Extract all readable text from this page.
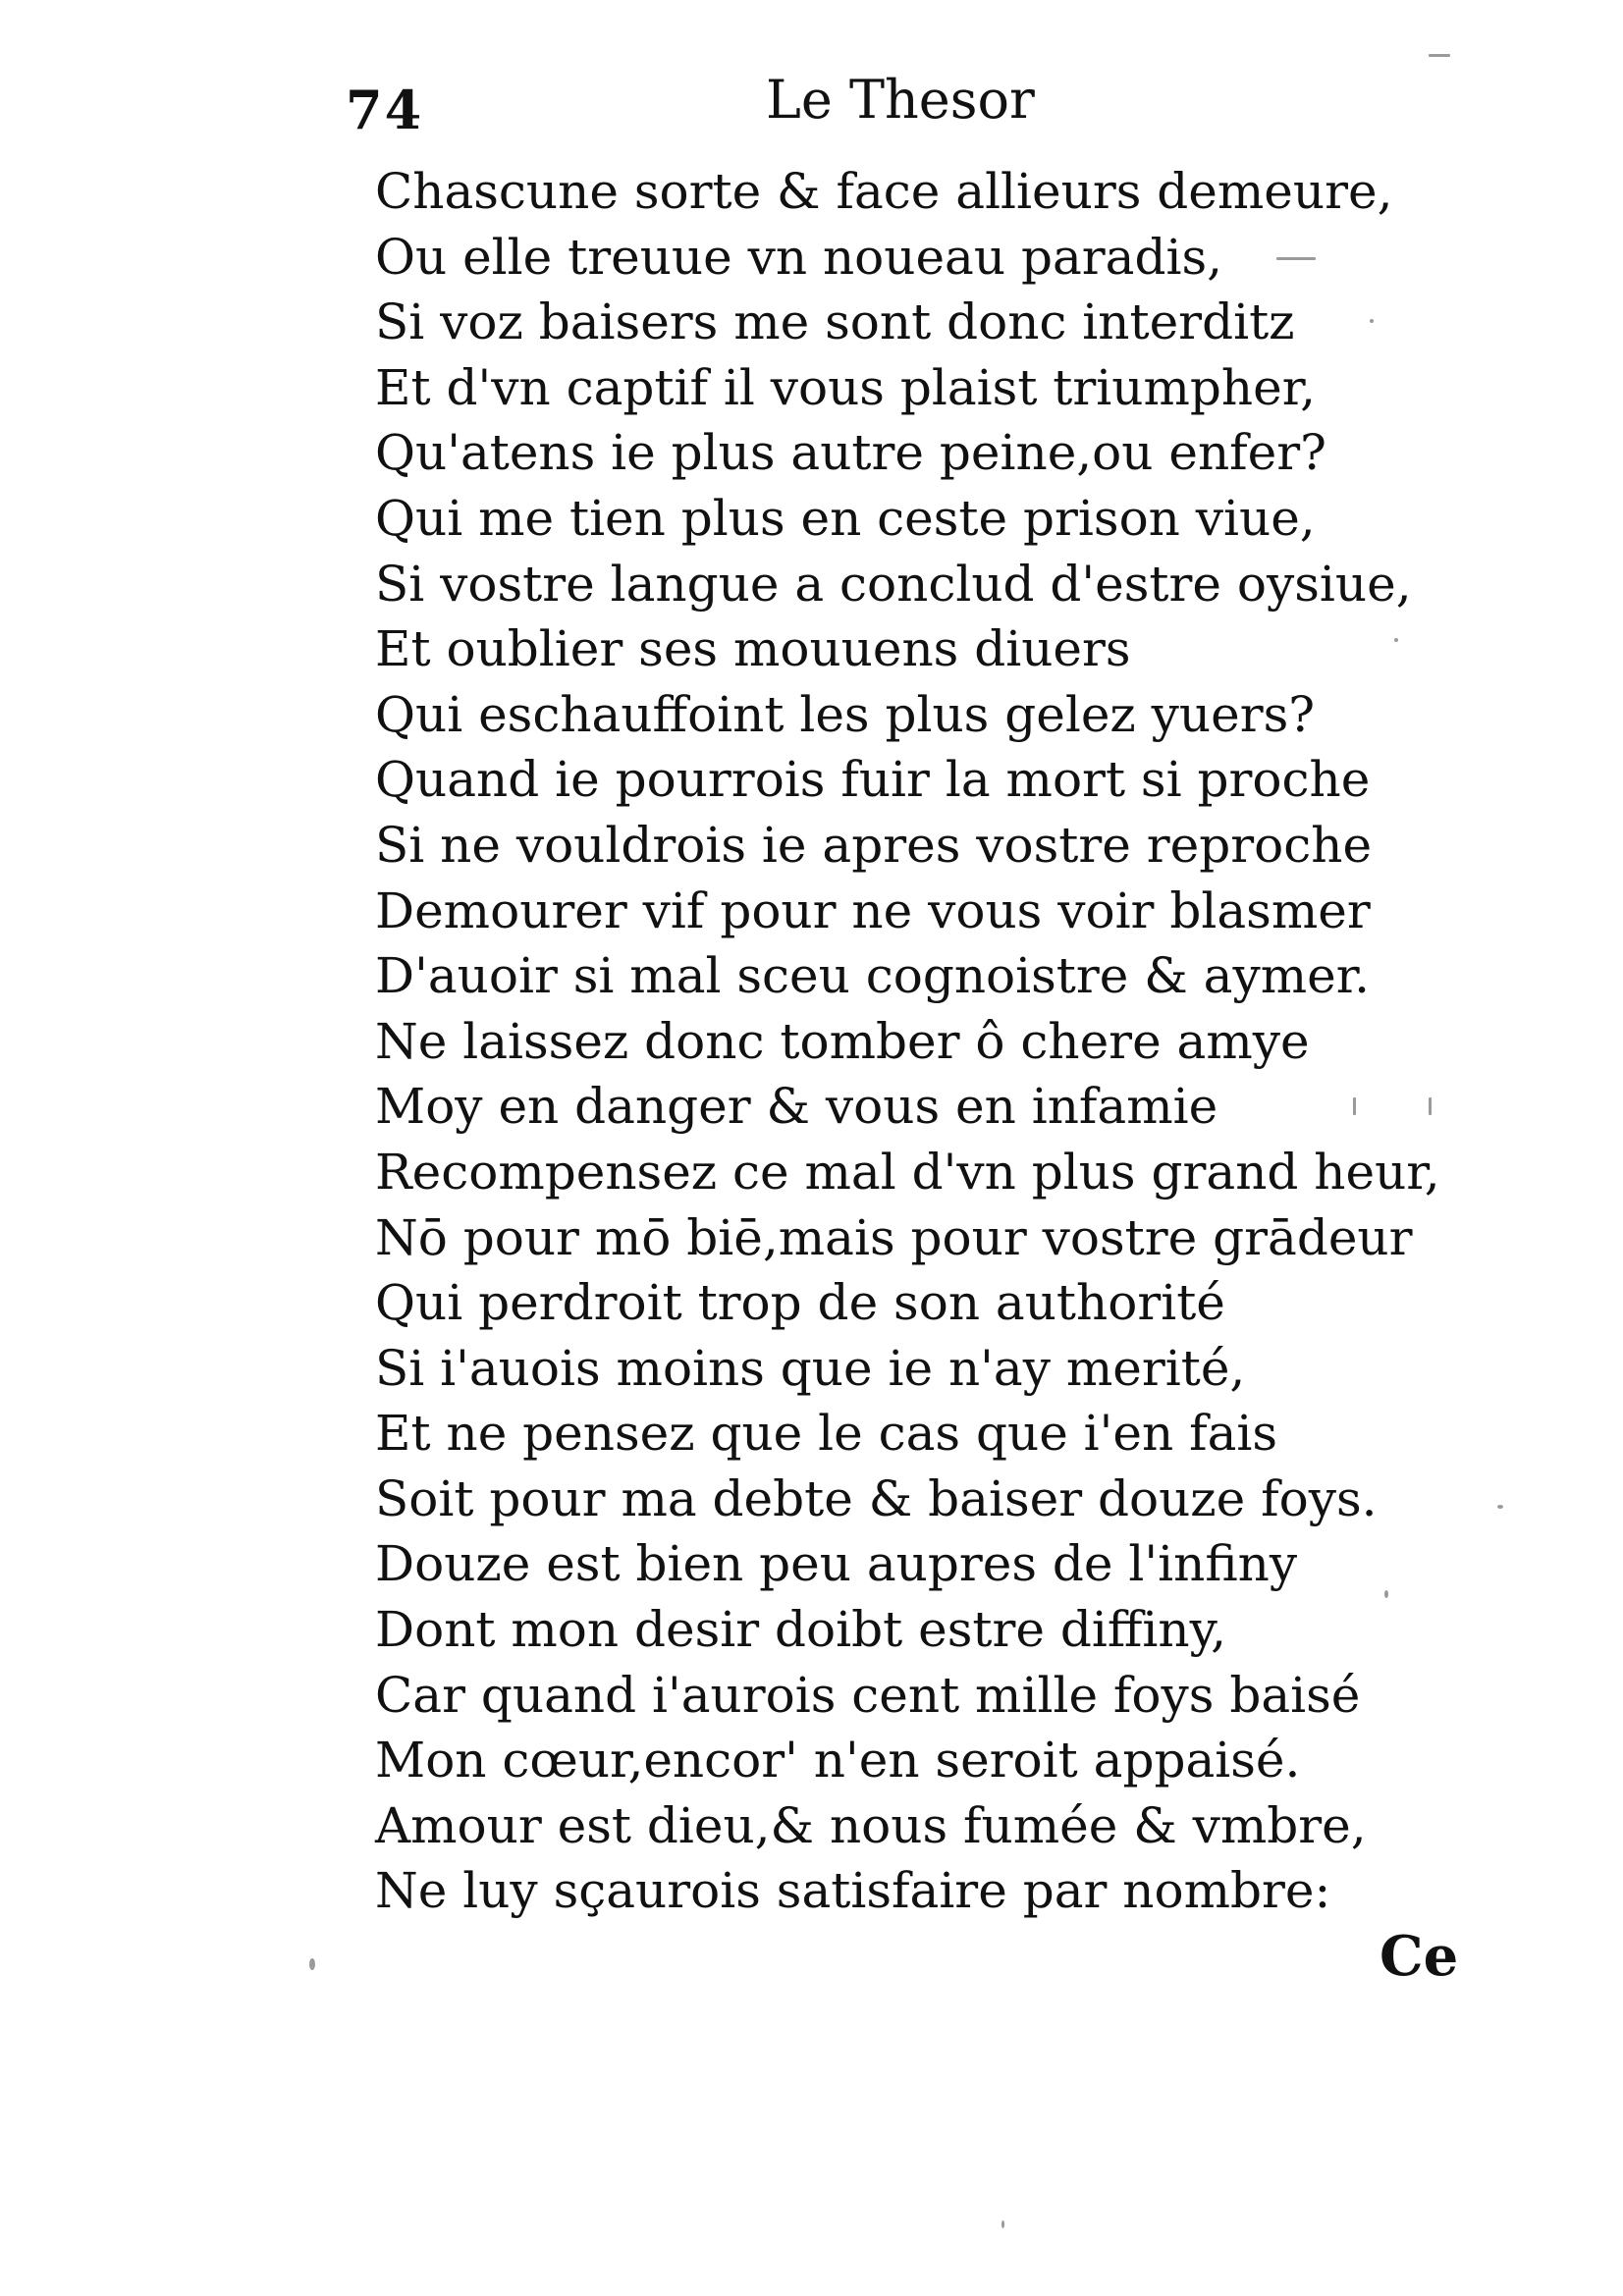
74	Le Thesor
Chascune sorte & face allieurs demeure,
Ou elle treuue vn noueau paradis,
Si voz baisers me sont donc interditz
Et d'vn captif il vous plaist triumpher,
Qu'atens ie plus autre peine,ou enfer?
Qui me tien plus en ceste prison viue,
Si vostre langue a conclud d'estre oysiue,
Et oublier ses mouuens diuers
Qui eschauffoint les plus gelez yuers?
Quand ie pourrois fuir la mort si proche
Si ne vouldrois ie apres vostre reproche
Demourer vif pour ne vous voir blasmer
D'auoir si mal sceu cognoistre & aymer.
Ne laissez donc tomber ô chere amye
Moy en danger & vous en infamie
Recompensez ce mal d'vn plus grand heur,
Nō pour mō biē,mais pour vostre grādeur
Qui perdroit trop de son authorité
Si i'auois moins que ie n'ay merité,
Et ne pensez que le cas que i'en fais
Soit pour ma debte & baiser douze foys.
Douze est bien peu aupres de l'infiny
Dont mon desir doibt estre diffiny,
Car quand i'aurois cent mille foys baisé
Mon cœur,encor' n'en seroit appaisé.
Amour est dieu,& nous fumée & vmbre,
Ne luy sçaurois satisfaire par nombre:
Ce
